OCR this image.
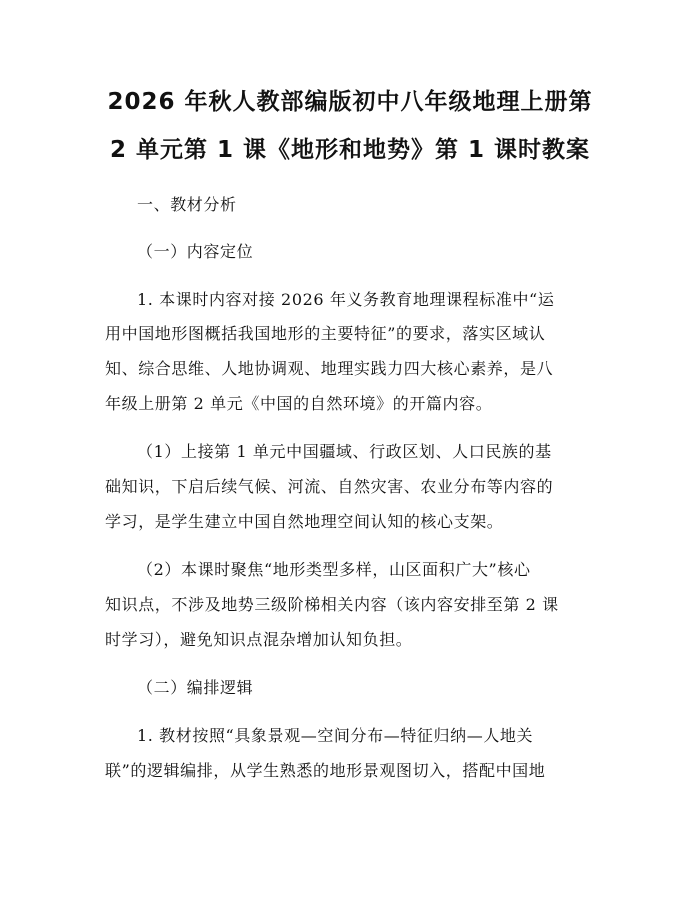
2026 年秋人教部编版初中八年级地理上册第
2 单元第 1 课《地形和地势》第 1 课时教案
一、教材分析
（一）内容定位
1. 本课时内容对接 2026 年义务教育地理课程标准中“运
用中国地形图概括我国地形的主要特征”的要求，落实区域认
知、综合思维、人地协调观、地理实践力四大核心素养，是八
年级上册第 2 单元《中国的自然环境》的开篇内容。
（1）上接第 1 单元中国疆域、行政区划、人口民族的基
础知识，下启后续气候、河流、自然灾害、农业分布等内容的
学习，是学生建立中国自然地理空间认知的核心支架。
（2）本课时聚焦“地形类型多样，山区面积广大”核心
知识点，不涉及地势三级阶梯相关内容（该内容安排至第 2 课
时学习），避免知识点混杂增加认知负担。
（二）编排逻辑
1. 教材按照“具象景观—空间分布—特征归纳—人地关
联”的逻辑编排，从学生熟悉的地形景观图切入，搭配中国地
